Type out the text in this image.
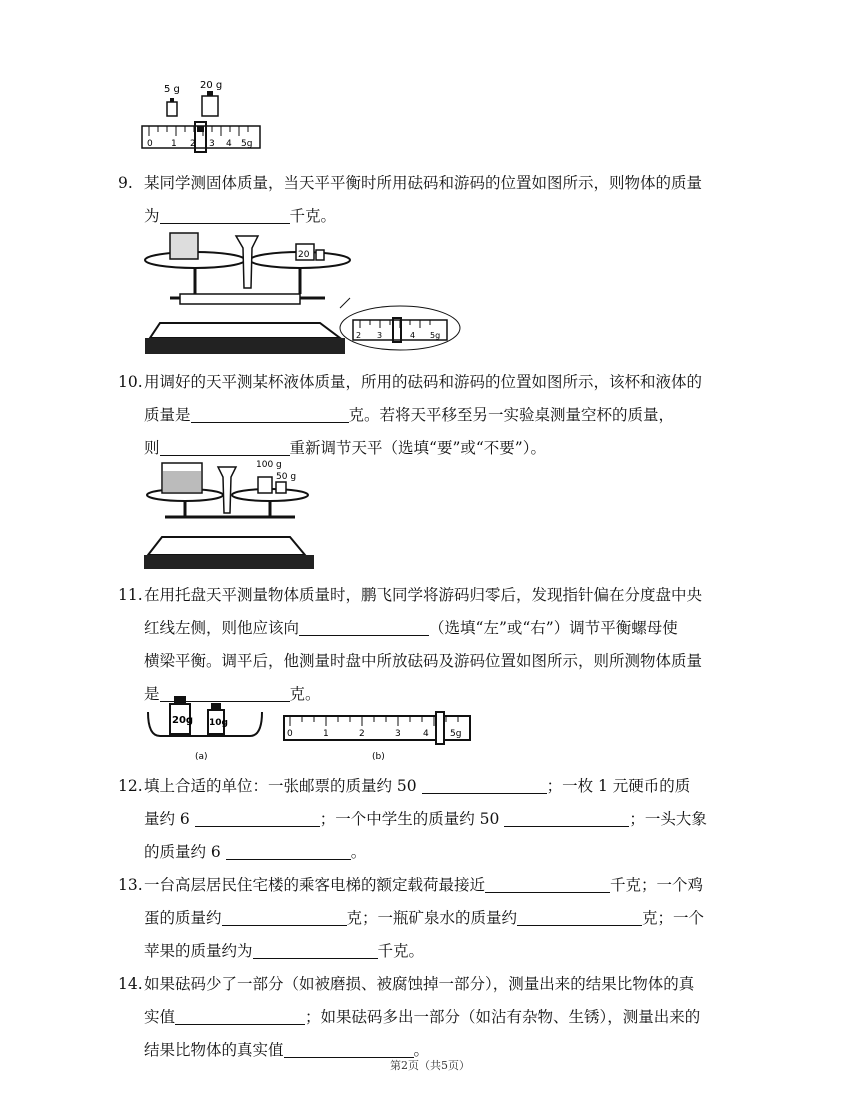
5 g 20 g
0 1 2 3 4 5g
9. 某同学测固体质量，当天平平衡时所用砝码和游码的位置如图所示，则物体的质量
为	千克。
20
2 3	4 5g
10.用调好的天平测某杯液体质量，所用的砝码和游码的位置如图所示，该杯和液体的
质量是	克。若将天平移至另一实验桌测量空杯的质量，
则	重新调节天平（选填“要”或“不要”）。
100 g
50 g
11.在用托盘天平测量物体质量时，鹏飞同学将游码归零后，发现指针偏在分度盘中央
红线左侧，则他应该向	（选填“左”或“右”）调节平衡螺母使
横梁平衡。调平后，他测量时盘中所放砝码及游码位置如图所示，则所测物体质量
是	克。
20g 10g
(a)
0	1	2	3 4 5g
(b)
12.填上合适的单位：一张邮票的质量约 50	；一枚 1 元硬币的质
量约 6	；一个中学生的质量约 50	；一头大象
的质量约 6	。
13.一台高层居民住宅楼的乘客电梯的额定载荷最接近	千克；一个鸡
蛋的质量约	克；一瓶矿泉水的质量约	克；一个
苹果的质量约为	千克。
14.如果砝码少了一部分（如被磨损、被腐蚀掉一部分），测量出来的结果比物体的真
实值	；如果砝码多出一部分（如沾有杂物、生锈），测量出来的
结果比物体的真实值	。
第2页（共5页）
